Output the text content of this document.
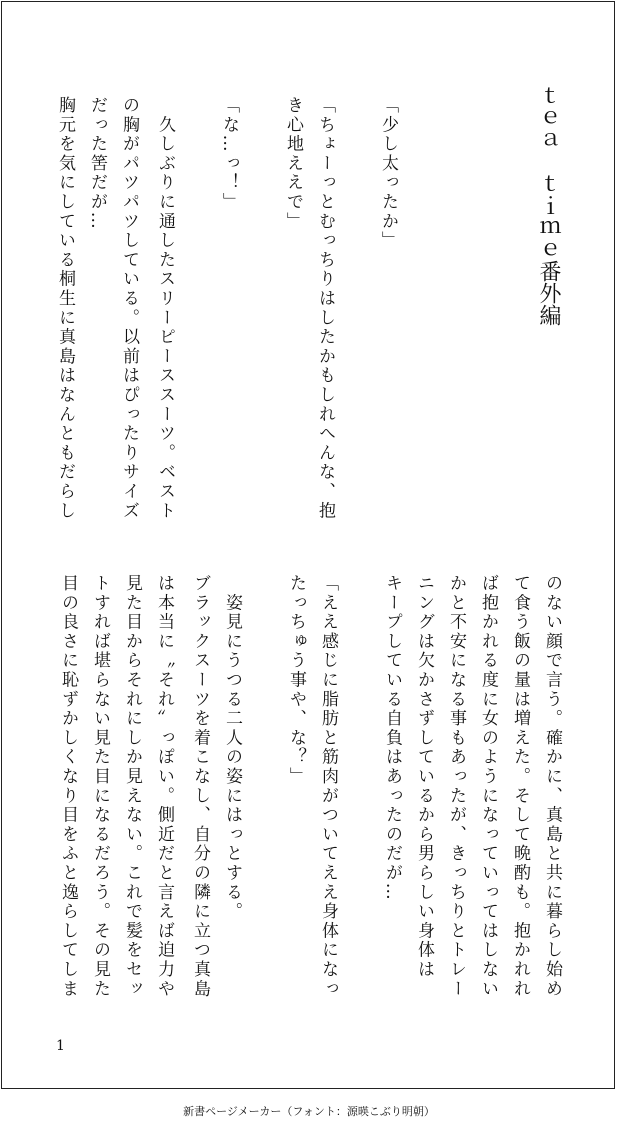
ｔｅａ　ｔｉｍｅ番外編
「少し太ったか」
「ちょーっとむっちりはしたかもしれへんな、抱
き心地ええで」
「な…っ！」
　久しぶりに通したスリーピーススーツ。ベスト
の胸がパツパツしている。以前はぴったりサイズ
だった筈だが…
胸元を気にしている桐生に真島はなんともだらし
のない顔で言う。確かに、真島と共に暮らし始め
て食う飯の量は増えた。そして晩酌も。抱かれれ
ば抱かれる度に女のようになっていってはしない
かと不安になる事もあったが、きっちりとトレー
ニングは欠かさずしているから男らしい身体は
キープしている自負はあったのだが…
「ええ感じに脂肪と筋肉がついてええ身体になっ
たっちゅう事や、な？」
　姿見にうつる二人の姿にはっとする。
ブラックスーツを着こなし、自分の隣に立つ真島
は本当に〝それ〟っぽい。側近だと言えば迫力や
見た目からそれにしか見えない。これで髪をセッ
トすれば堪らない見た目になるだろう。その見た
目の良さに恥ずかしくなり目をふと逸らしてしま
1
新書ページメーカー（フォント：源暎こぶり明朝）
